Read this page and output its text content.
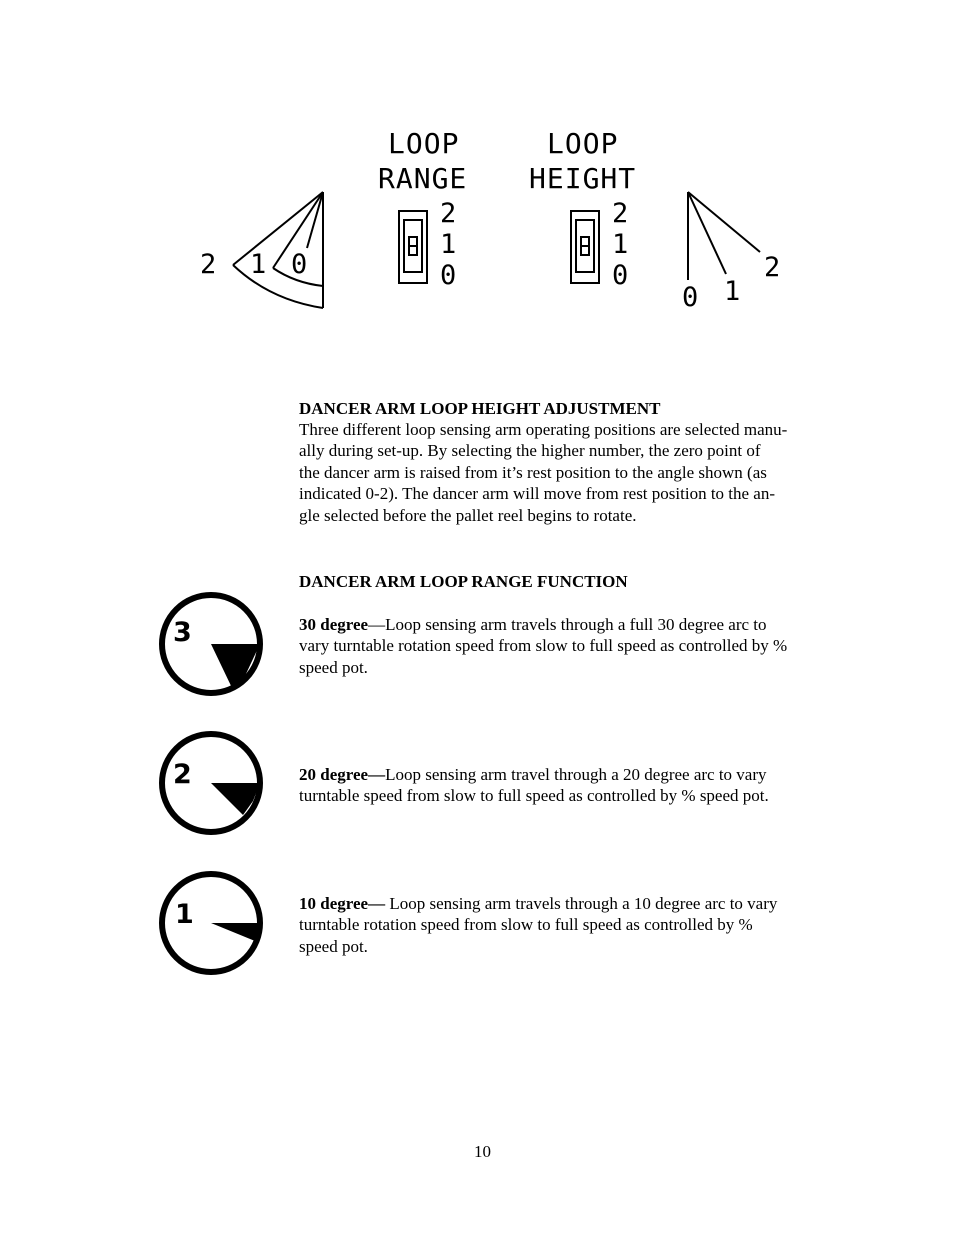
LOOP
RANGE
LOOP
HEIGHT
2 1 0
2
1
0
2
1
0
0 1
2
DANCER ARM LOOP HEIGHT ADJUSTMENT
Three different loop sensing arm operating positions are selected manu-
ally during set-up. By selecting the higher number, the zero point of
the dancer arm is raised from it’s rest position to the angle shown (as
indicated 0-2). The dancer arm will move from rest position to the an-
gle selected before the pallet reel begins to rotate.
DANCER ARM LOOP RANGE FUNCTION
3	30 degree—Loop sensing arm travels through a full 30 degree arc to
vary turntable rotation speed from slow to full speed as controlled by %
speed pot.
2	20 degree—Loop sensing arm travel through a 20 degree arc to vary
turntable speed from slow to full speed as controlled by % speed pot.
1	10 degree— Loop sensing arm travels through a 10 degree arc to vary
turntable rotation speed from slow to full speed as controlled by %
speed pot.
10
